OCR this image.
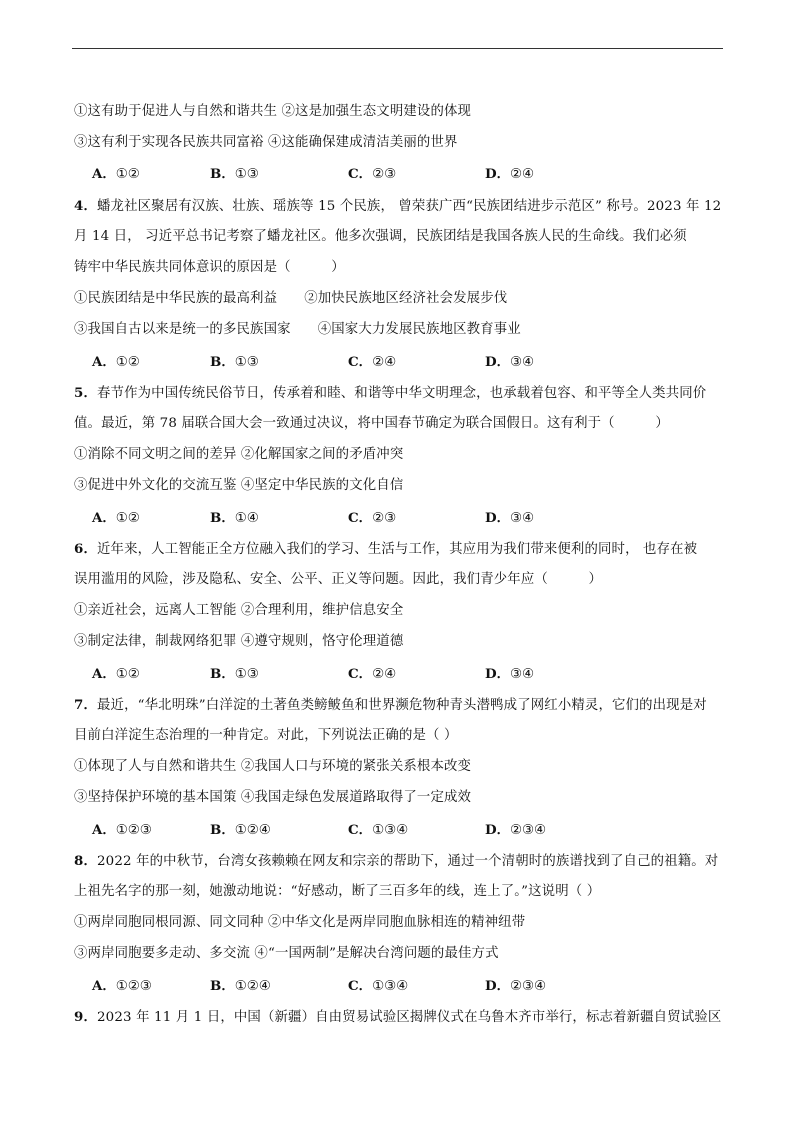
①这有助于促进人与自然和谐共生 ②这是加强生态文明建设的体现
③这有利于实现各民族共同富裕 ④这能确保建成清洁美丽的世界
A．①②	B．①③	C．②③	D．②④
4．蟠龙社区聚居有汉族、壮族、瑶族等 15 个民族， 曾荣获广西“民族团结进步示范区” 称号。2023 年 12
月 14 日， 习近平总书记考察了蟠龙社区。他多次强调，民族团结是我国各族人民的生命线。我们必须
铸牢中华民族共同体意识的原因是（　　　）
①民族团结是中华民族的最高利益　　②加快民族地区经济社会发展步伐
③我国自古以来是统一的多民族国家　　④国家大力发展民族地区教育事业
A．①②	B．①③	C．②④	D．③④
5．春节作为中国传统民俗节日，传承着和睦、和谐等中华文明理念，也承载着包容、和平等全人类共同价
值。最近，第 78 届联合国大会一致通过决议，将中国春节确定为联合国假日。这有利于（　　　）
①消除不同文明之间的差异 ②化解国家之间的矛盾冲突
③促进中外文化的交流互鉴 ④坚定中华民族的文化自信
A．①②	B．①④	C．②③	D．③④
6．近年来，人工智能正全方位融入我们的学习、生活与工作，其应用为我们带来便利的同时， 也存在被
误用滥用的风险，涉及隐私、安全、公平、正义等问题。因此，我们青少年应（　　　）
①亲近社会，远离人工智能 ②合理利用，维护信息安全
③制定法律，制裁网络犯罪 ④遵守规则，恪守伦理道德
A．①②	B．①③	C．②④	D．③④
7．最近，“华北明珠”白洋淀的土著鱼类鳑鲏鱼和世界濒危物种青头潜鸭成了网红小精灵，它们的出现是对
目前白洋淀生态治理的一种肯定。对此，下列说法正确的是（ ）
①体现了人与自然和谐共生 ②我国人口与环境的紧张关系根本改变
③坚持保护环境的基本国策 ④我国走绿色发展道路取得了一定成效
A．①②③	B．①②④	C．①③④	D．②③④
8．2022 年的中秋节，台湾女孩赖赖在网友和宗亲的帮助下，通过一个清朝时的族谱找到了自己的祖籍。对
上祖先名字的那一刻，她激动地说：“好感动，断了三百多年的线，连上了。”这说明（ ）
①两岸同胞同根同源、同文同种 ②中华文化是两岸同胞血脉相连的精神纽带
③两岸同胞要多走动、多交流 ④“一国两制”是解决台湾问题的最佳方式
A．①②③	B．①②④	C．①③④	D．②③④
9．2023 年 11 月 1 日，中国（新疆）自由贸易试验区揭牌仪式在乌鲁木齐市举行，标志着新疆自贸试验区
